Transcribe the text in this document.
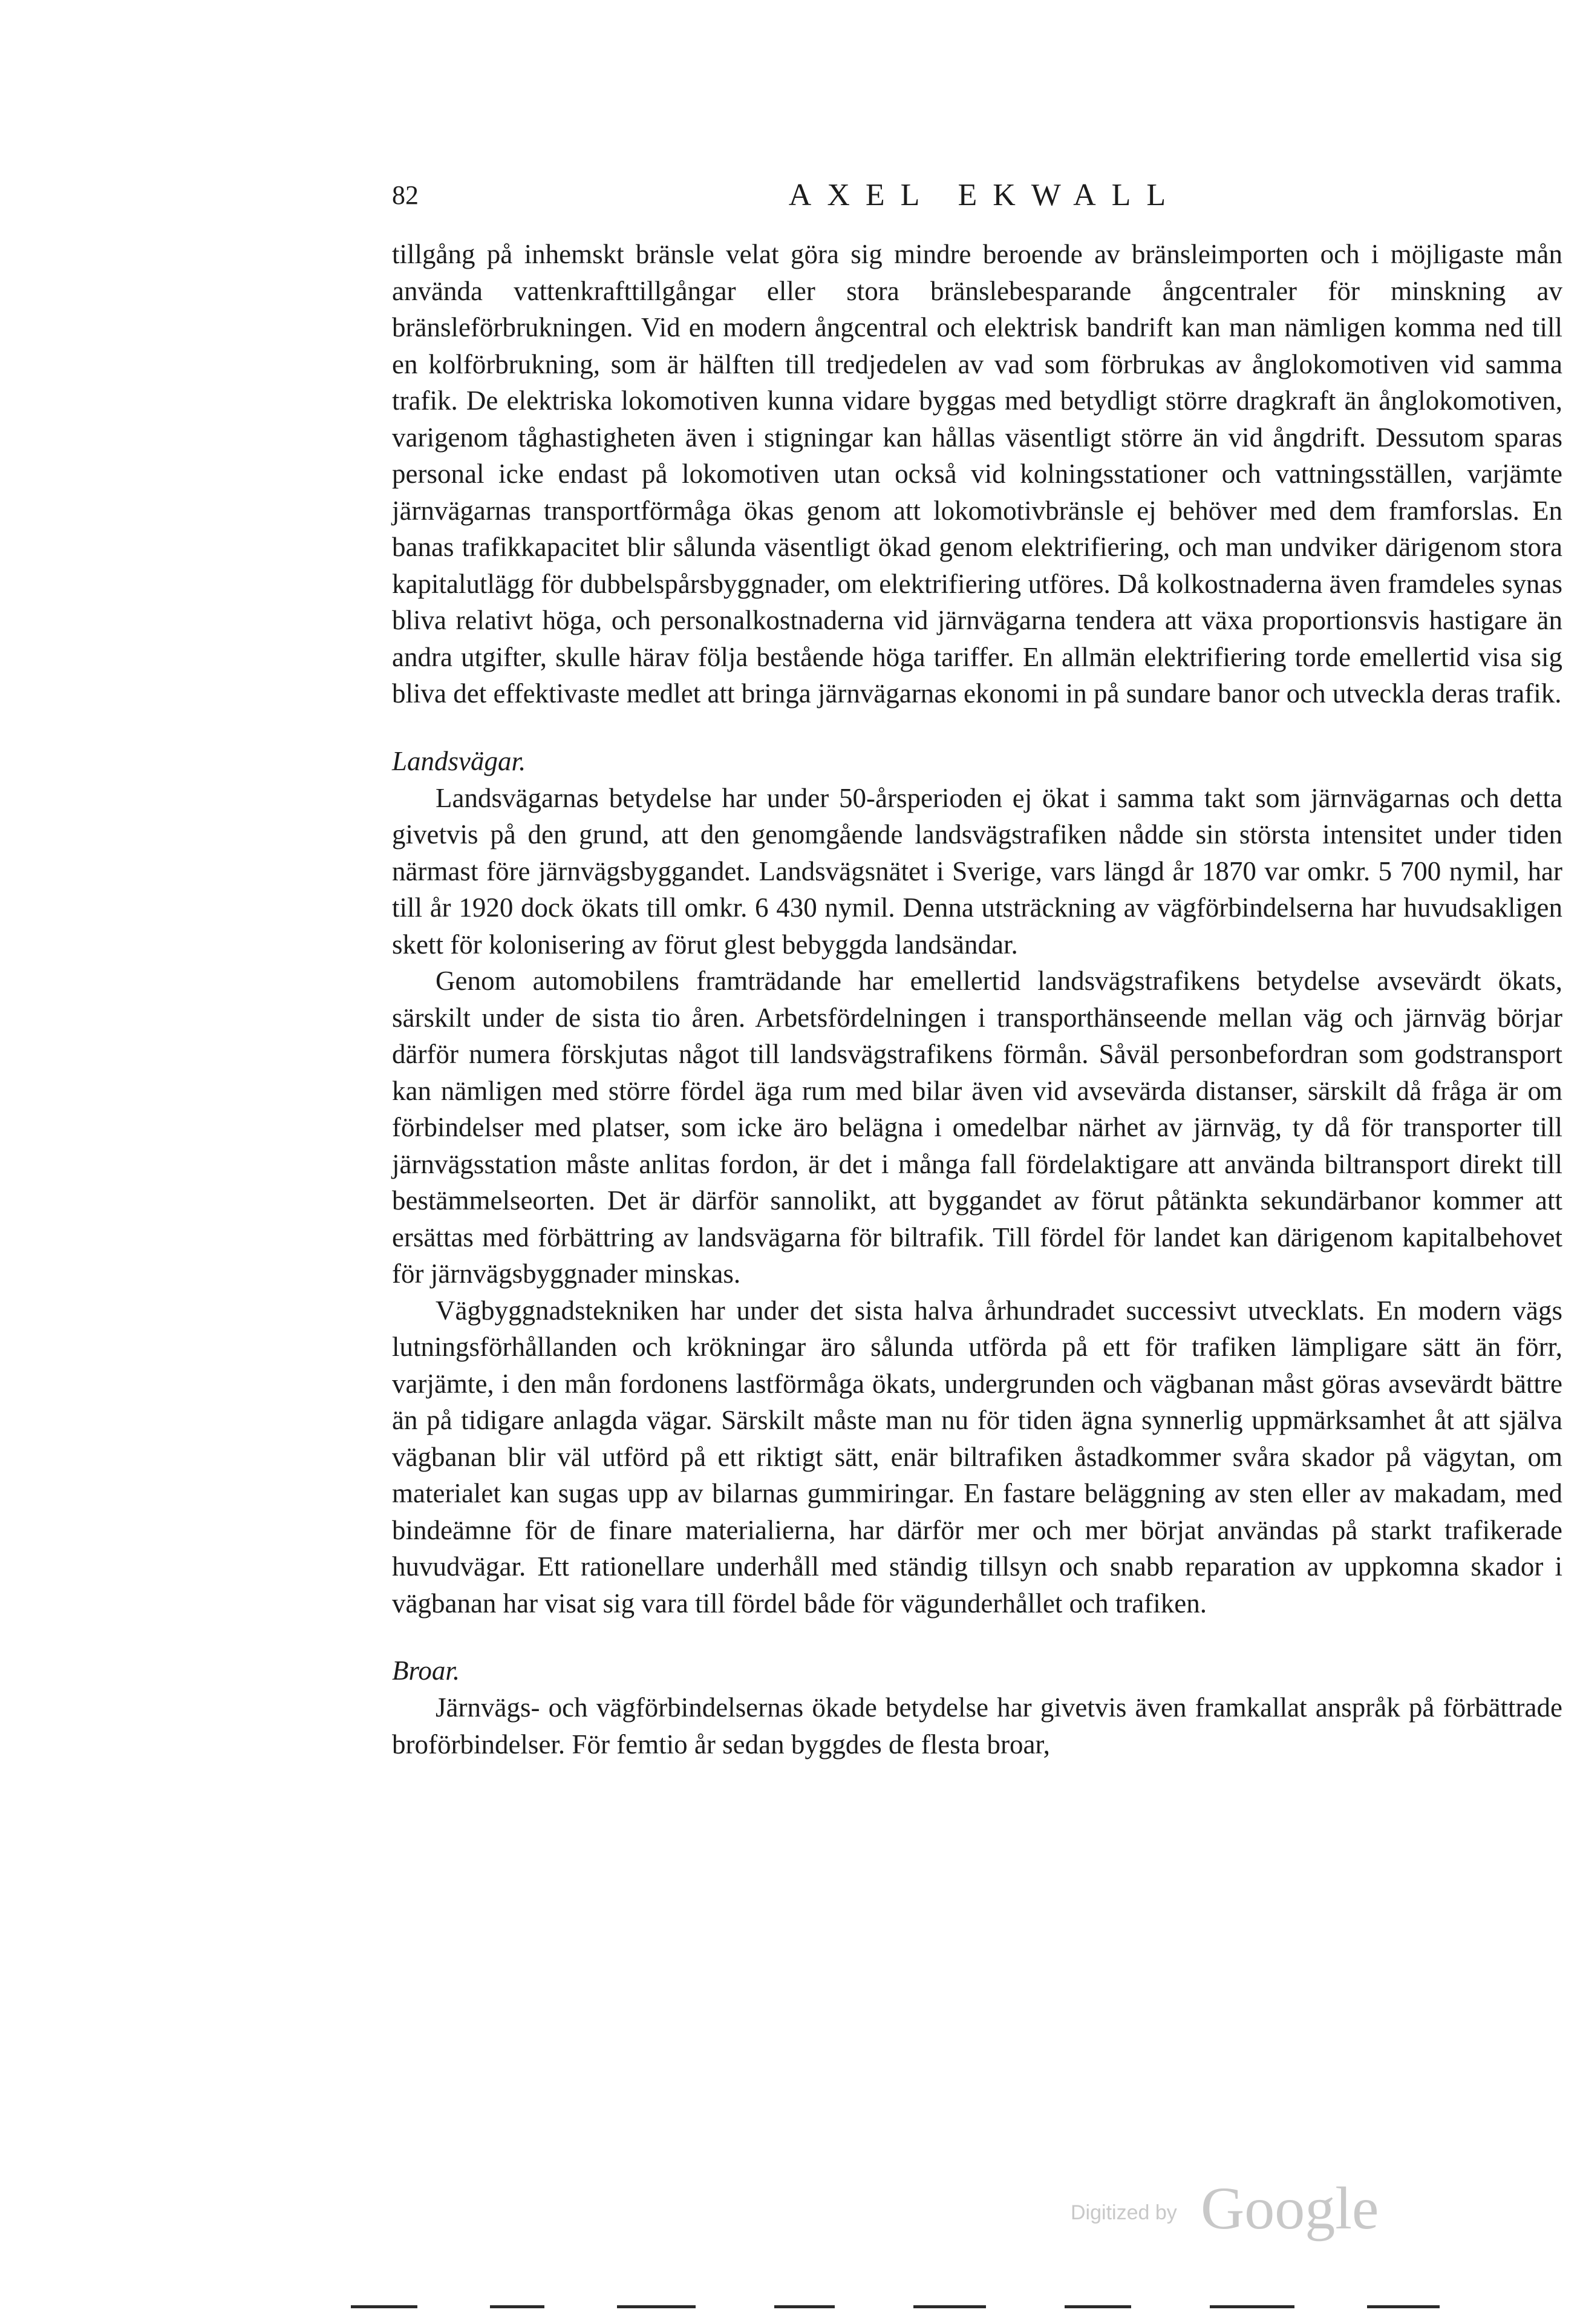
82	AXEL EKWALL

tillgång på inhemskt bränsle velat göra sig mindre beroende av bränsleimporten och i möjligaste mån använda vattenkrafttillgångar eller stora bränslebesparande ångcentraler för minskning av bränsleförbrukningen. Vid en modern ångcentral och elektrisk bandrift kan man nämligen komma ned till en kolförbrukning, som är hälften till tredjedelen av vad som förbrukas av ånglokomotiven vid samma trafik. De elektriska lokomotiven kunna vidare byggas med betydligt större dragkraft än ånglokomotiven, varigenom tåghastigheten även i stigningar kan hållas väsentligt större än vid ångdrift. Dessutom sparas personal icke endast på lokomotiven utan också vid kolningsstationer och vattningsställen, varjämte järnvägarnas transportförmåga ökas genom att lokomotivbränsle ej behöver med dem framforslas. En banas trafikkapacitet blir sålunda väsentligt ökad genom elektrifiering, och man undviker därigenom stora kapitalutlägg för dubbelspårsbyggnader, om elektrifiering utföres. Då kolkostnaderna även framdeles synas bliva relativt höga, och personalkostnaderna vid järnvägarna tendera att växa proportionsvis hastigare än andra utgifter, skulle härav följa bestående höga tariffer. En allmän elektrifiering torde emellertid visa sig bliva det effektivaste medlet att bringa järnvägarnas ekonomi in på sundare banor och utveckla deras trafik.

Landsvägar.

Landsvägarnas betydelse har under 50-årsperioden ej ökat i samma takt som järnvägarnas och detta givetvis på den grund, att den genomgående landsvägstrafiken nådde sin största intensitet under tiden närmast före järnvägsbyggandet. Landsvägsnätet i Sverige, vars längd år 1870 var omkr. 5 700 nymil, har till år 1920 dock ökats till omkr. 6 430 nymil. Denna utsträckning av vägförbindelserna har huvudsakligen skett för kolonisering av förut glest bebyggda landsändar.

Genom automobilens framträdande har emellertid landsvägstrafikens betydelse avsevärdt ökats, särskilt under de sista tio åren. Arbetsfördelningen i transporthänseende mellan väg och järnväg börjar därför numera förskjutas något till landsvägstrafikens förmån. Såväl personbefordran som godstransport kan nämligen med större fördel äga rum med bilar även vid avsevärda distanser, särskilt då fråga är om förbindelser med platser, som icke äro belägna i omedelbar närhet av järnväg, ty då för transporter till järnvägsstation måste anlitas fordon, är det i många fall fördelaktigare att använda biltransport direkt till bestämmelseorten. Det är därför sannolikt, att byggandet av förut påtänkta sekundärbanor kommer att ersättas med förbättring av landsvägarna för biltrafik. Till fördel för landet kan därigenom kapitalbehovet för järnvägsbyggnader minskas.

Vägbyggnadstekniken har under det sista halva århundradet successivt utvecklats. En modern vägs lutningsförhållanden och krökningar äro sålunda utförda på ett för trafiken lämpligare sätt än förr, varjämte, i den mån fordonens lastförmåga ökats, undergrunden och vägbanan måst göras avsevärdt bättre än på tidigare anlagda vägar. Särskilt måste man nu för tiden ägna synnerlig uppmärksamhet åt att själva vägbanan blir väl utförd på ett riktigt sätt, enär biltrafiken åstadkommer svåra skador på vägytan, om materialet kan sugas upp av bilarnas gummiringar. En fastare beläggning av sten eller av makadam, med bindeämne för de finare materialierna, har därför mer och mer börjat användas på starkt trafikerade huvudvägar. Ett rationellare underhåll med ständig tillsyn och snabb reparation av uppkomna skador i vägbanan har visat sig vara till fördel både för vägunderhållet och trafiken.

Broar.

Järnvägs- och vägförbindelsernas ökade betydelse har givetvis även framkallat anspråk på förbättrade broförbindelser. För femtio år sedan byggdes de flesta broar,

Digitized by Google
